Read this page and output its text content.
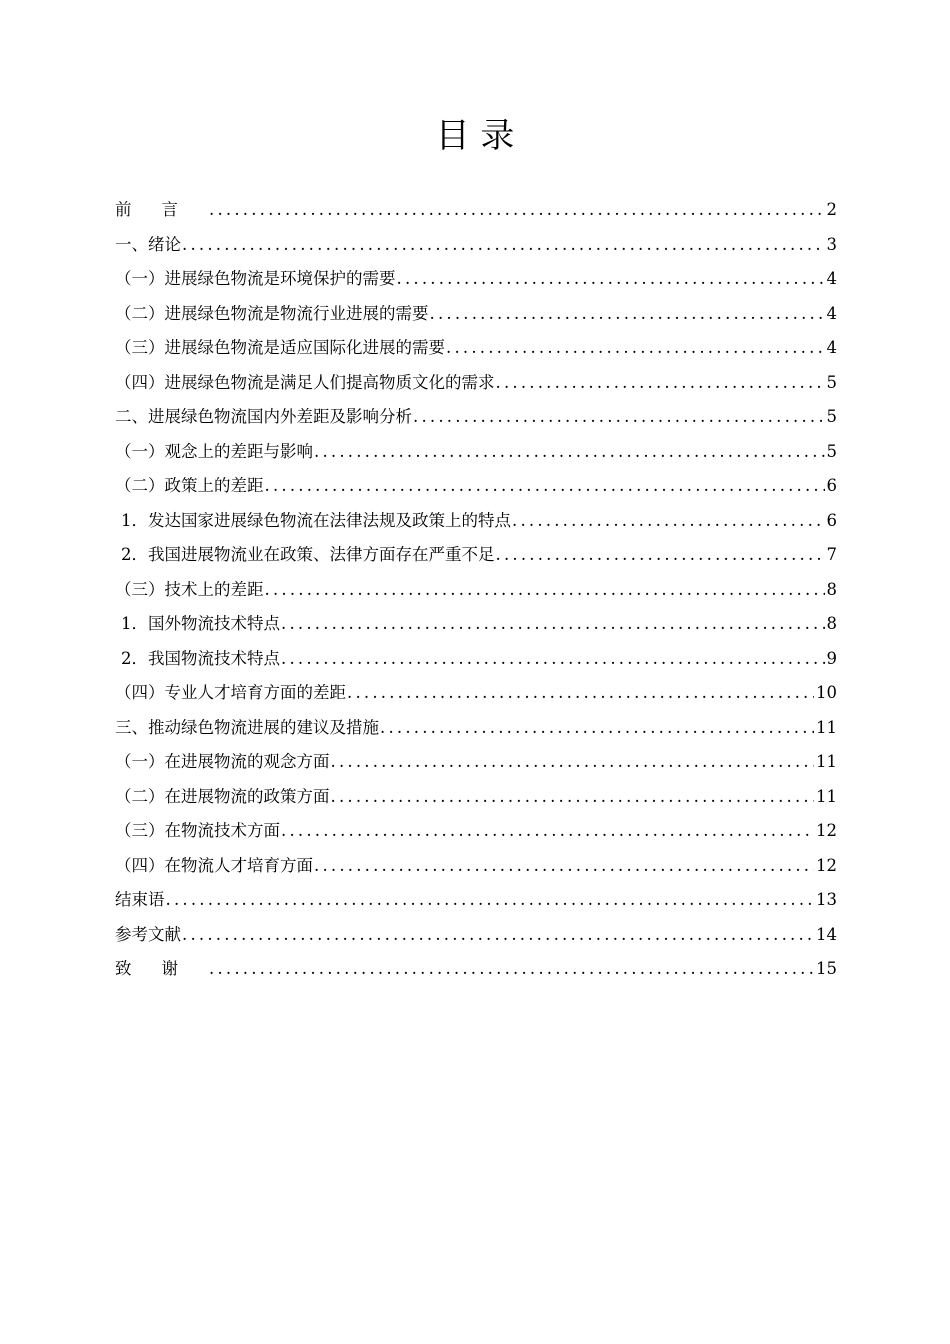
目 录
前言 .....	2
一、绪论 .....	3
（一）进展绿色物流是环境保护的需要 .....	4
（二）进展绿色物流是物流行业进展的需要 .....	4
（三）进展绿色物流是适应国际化进展的需要 .....	4
（四）进展绿色物流是满足人们提高物质文化的需求 .....	5
二、进展绿色物流国内外差距及影响分析 .....	5
（一）观念上的差距与影响 .....	5
（二）政策上的差距 .....	6
1．发达国家进展绿色物流在法律法规及政策上的特点 .....	6
2．我国进展物流业在政策、法律方面存在严重不足 .....	7
（三）技术上的差距 .....	8
1．国外物流技术特点 .....	8
2．我国物流技术特点 .....	9
（四）专业人才培育方面的差距 .....	10
三、推动绿色物流进展的建议及措施 .....	11
（一）在进展物流的观念方面 .....	11
（二）在进展物流的政策方面 .....	11
（三）在物流技术方面 .....	12
（四）在物流人才培育方面 .....	12
结束语 .....	13
参考文献 .....	14
致谢 .....	15
